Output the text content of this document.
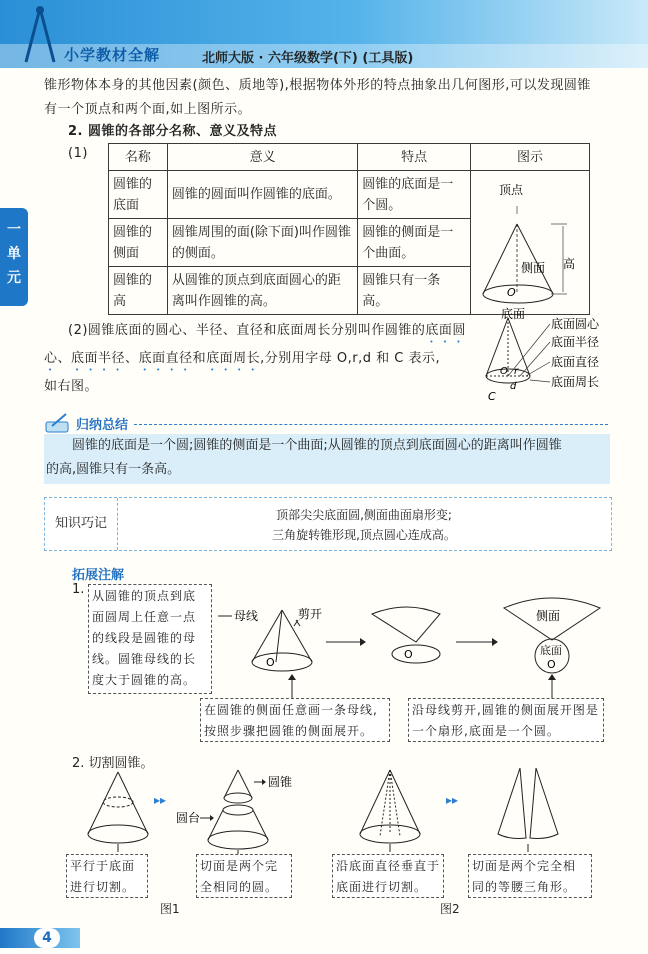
小学教材全解	北师大版 · 六年级数学(下) (工具版)
一单元
锥形物体本身的其他因素(颜色、质地等),根据物体外形的特点抽象出几何图形,可以发现圆锥
有一个顶点和两个面,如上图所示。
2. 圆锥的各部分名称、意义及特点
(1)	名称	意义	特点	图示
圆锥的底面	圆锥的圆面叫作圆锥的底面。	圆锥的底面是一个圆。	顶点
高
侧面
O
底面

圆锥的侧面	圆锥周围的面(除下面)叫作圆锥的侧面。	圆锥的侧面是一个曲面。	
圆锥的高	从圆锥的顶点到底面圆心的距离叫作圆锥的高。	圆锥只有一条高。	
(2)圆锥底面的圆心、半径、直径和底面周长分别叫作圆锥的底面圆心、底面半径、底面直径和底面周长,分别用字母 O,r,d 和 C 表示,
如右图。
底面圆心
底面半径
底面直径
底面周长
O r
d
C
归纳总结
圆锥的底面是一个圆;圆锥的侧面是一个曲面;从圆锥的顶点到底面圆心的距离叫作圆锥
的高,圆锥只有一条高。
知识巧记
顶部尖尖底面圆,侧面曲面扇形变;
三角旋转锥形现,顶点圆心连成高。
拓展注解
1. 从圆锥的顶点到底面圆周上任意一点的线段是圆锥的母线。圆锥母线的长度大于圆锥的高。
母线
O
剪开
O
侧面
底面
O
在圆锥的侧面任意画一条母线,按照步骤把圆锥的侧面展开。
沿母线剪开,圆锥的侧面展开图是一个扇形,底面是一个圆。
2. 切割圆锥。
▸▸
圆锥
圆台
▸▸
平行于底面进行切割。
切面是两个完全相同的圆。
沿底面直径垂直于底面进行切割。
切面是两个完全相同的等腰三角形。
图1	图2
4
